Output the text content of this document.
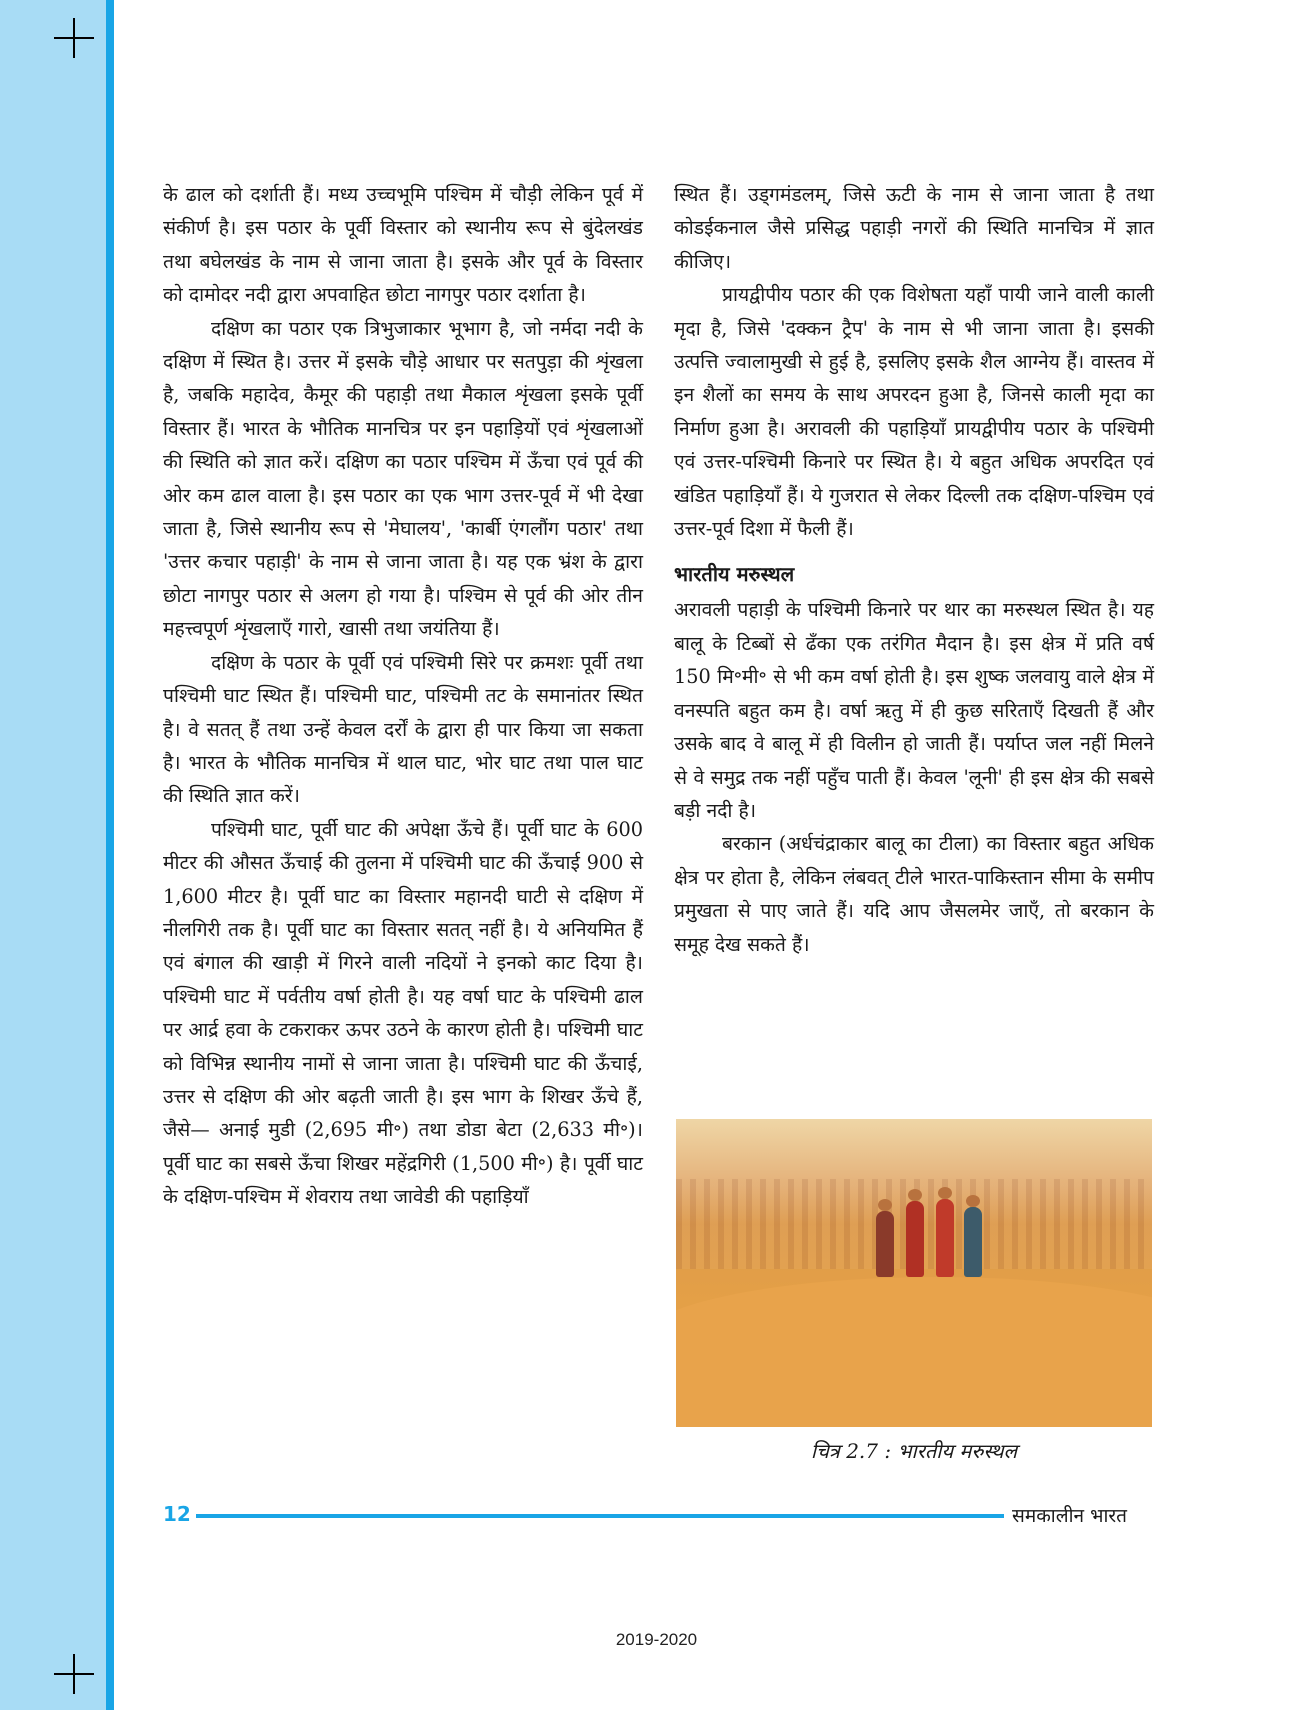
के ढाल को दर्शाती हैं। मध्य उच्चभूमि पश्चिम में चौड़ी लेकिन पूर्व में संकीर्ण है। इस पठार के पूर्वी विस्तार को स्थानीय रूप से बुंदेलखंड तथा बघेलखंड के नाम से जाना जाता है। इसके और पूर्व के विस्तार को दामोदर नदी द्वारा अपवाहित छोटा नागपुर पठार दर्शाता है।

दक्षिण का पठार एक त्रिभुजाकार भूभाग है, जो नर्मदा नदी के दक्षिण में स्थित है। उत्तर में इसके चौड़े आधार पर सतपुड़ा की शृंखला है, जबकि महादेव, कैमूर की पहाड़ी तथा मैकाल शृंखला इसके पूर्वी विस्तार हैं। भारत के भौतिक मानचित्र पर इन पहाड़ियों एवं शृंखलाओं की स्थिति को ज्ञात करें। दक्षिण का पठार पश्चिम में ऊँचा एवं पूर्व की ओर कम ढाल वाला है। इस पठार का एक भाग उत्तर-पूर्व में भी देखा जाता है, जिसे स्थानीय रूप से 'मेघालय', 'कार्बी एंगलौंग पठार' तथा 'उत्तर कचार पहाड़ी' के नाम से जाना जाता है। यह एक भ्रंश के द्वारा छोटा नागपुर पठार से अलग हो गया है। पश्चिम से पूर्व की ओर तीन महत्त्वपूर्ण शृंखलाएँ गारो, खासी तथा जयंतिया हैं।

दक्षिण के पठार के पूर्वी एवं पश्चिमी सिरे पर क्रमशः पूर्वी तथा पश्चिमी घाट स्थित हैं। पश्चिमी घाट, पश्चिमी तट के समानांतर स्थित है। वे सतत् हैं तथा उन्हें केवल दर्रों के द्वारा ही पार किया जा सकता है। भारत के भौतिक मानचित्र में थाल घाट, भोर घाट तथा पाल घाट की स्थिति ज्ञात करें।

पश्चिमी घाट, पूर्वी घाट की अपेक्षा ऊँचे हैं। पूर्वी घाट के 600 मीटर की औसत ऊँचाई की तुलना में पश्चिमी घाट की ऊँचाई 900 से 1,600 मीटर है। पूर्वी घाट का विस्तार महानदी घाटी से दक्षिण में नीलगिरी तक है। पूर्वी घाट का विस्तार सतत् नहीं है। ये अनियमित हैं एवं बंगाल की खाड़ी में गिरने वाली नदियों ने इनको काट दिया है। पश्चिमी घाट में पर्वतीय वर्षा होती है। यह वर्षा घाट के पश्चिमी ढाल पर आर्द्र हवा के टकराकर ऊपर उठने के कारण होती है। पश्चिमी घाट को विभिन्न स्थानीय नामों से जाना जाता है। पश्चिमी घाट की ऊँचाई, उत्तर से दक्षिण की ओर बढ़ती जाती है। इस भाग के शिखर ऊँचे हैं, जैसे— अनाई मुडी (2,695 मी॰) तथा डोडा बेटा (2,633 मी॰)। पूर्वी घाट का सबसे ऊँचा शिखर महेंद्रगिरी (1,500 मी॰) है। पूर्वी घाट के दक्षिण-पश्चिम में शेवराय तथा जावेडी की पहाड़ियाँ

स्थित हैं। उड्गमंडलम्, जिसे ऊटी के नाम से जाना जाता है तथा कोडईकनाल जैसे प्रसिद्ध पहाड़ी नगरों की स्थिति मानचित्र में ज्ञात कीजिए।

प्रायद्वीपीय पठार की एक विशेषता यहाँ पायी जाने वाली काली मृदा है, जिसे 'दक्कन ट्रैप' के नाम से भी जाना जाता है। इसकी उत्पत्ति ज्वालामुखी से हुई है, इसलिए इसके शैल आग्नेय हैं। वास्तव में इन शैलों का समय के साथ अपरदन हुआ है, जिनसे काली मृदा का निर्माण हुआ है। अरावली की पहाड़ियाँ प्रायद्वीपीय पठार के पश्चिमी एवं उत्तर-पश्चिमी किनारे पर स्थित है। ये बहुत अधिक अपरदित एवं खंडित पहाड़ियाँ हैं। ये गुजरात से लेकर दिल्ली तक दक्षिण-पश्चिम एवं उत्तर-पूर्व दिशा में फैली हैं।

भारतीय मरुस्थल

अरावली पहाड़ी के पश्चिमी किनारे पर थार का मरुस्थल स्थित है। यह बालू के टिब्बों से ढँका एक तरंगित मैदान है। इस क्षेत्र में प्रति वर्ष 150 मि॰मी॰ से भी कम वर्षा होती है। इस शुष्क जलवायु वाले क्षेत्र में वनस्पति बहुत कम है। वर्षा ऋतु में ही कुछ सरिताएँ दिखती हैं और उसके बाद वे बालू में ही विलीन हो जाती हैं। पर्याप्त जल नहीं मिलने से वे समुद्र तक नहीं पहुँच पाती हैं। केवल 'लूनी' ही इस क्षेत्र की सबसे बड़ी नदी है।

बरकान (अर्धचंद्राकार बालू का टीला) का विस्तार बहुत अधिक क्षेत्र पर होता है, लेकिन लंबवत् टीले भारत-पाकिस्तान सीमा के समीप प्रमुखता से पाए जाते हैं। यदि आप जैसलमेर जाएँ, तो बरकान के समूह देख सकते हैं।

चित्र 2.7 : भारतीय मरुस्थल
12	समकालीन भारत
2019-2020
